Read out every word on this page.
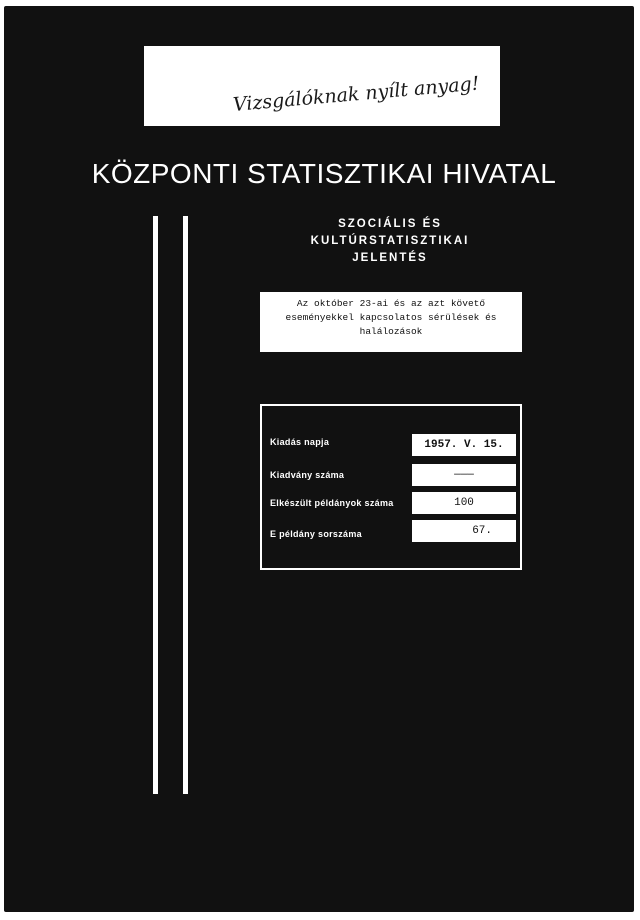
Vizsgálóknak nyílt anyag!
KÖZPONTI STATISZTIKAI HIVATAL
SZOCIÁLIS ÉS
KULTÚRSTATISZTIKAI
JELENTÉS
Az október 23-ai és az azt követő eseményekkel kapcsolatos sérülések és halálozások
Kiadás napja	1957. V. 15.
Kiadvány száma	———
Elkészült példányok száma	100
E példány sorszáma	67.
